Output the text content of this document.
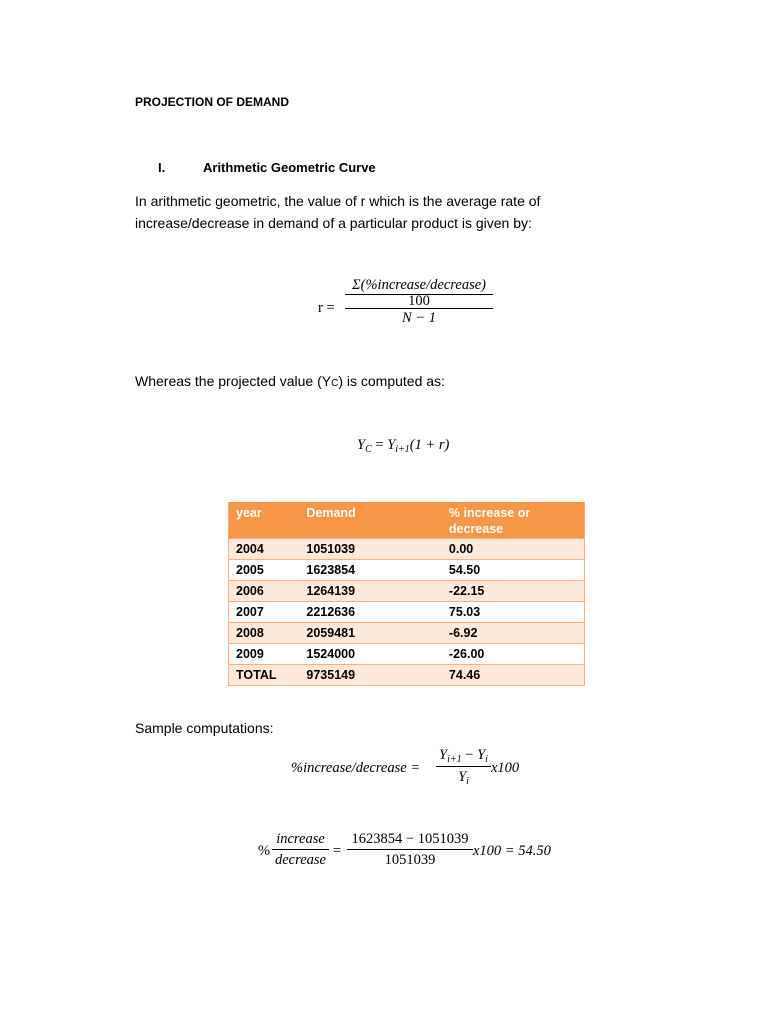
PROJECTION OF DEMAND
I.	Arithmetic Geometric Curve
In arithmetic geometric, the value of r which is the average rate of
increase/decrease in demand of a particular product is given by:
r =
Σ(%increase/decrease)
100
N − 1
Whereas the projected value (YC) is computed as:
$Y_C = Y_{i+1}(1 + r)$
year	Demand	% increase or decrease
2004	1051039	0.00
2005	1623854	54.50
2006	1264139	-22.15
2007	2212636	75.03
2008	2059481	-6.92
2009	1524000	-26.00
TOTAL	9735149	74.46
Sample computations:
%increase/decrease =
$Y_{i+1} - Y_i$
$Y_i$
x100
%
increase
decrease
=
1623854 − 1051039
1051039
x100 = 54.50
